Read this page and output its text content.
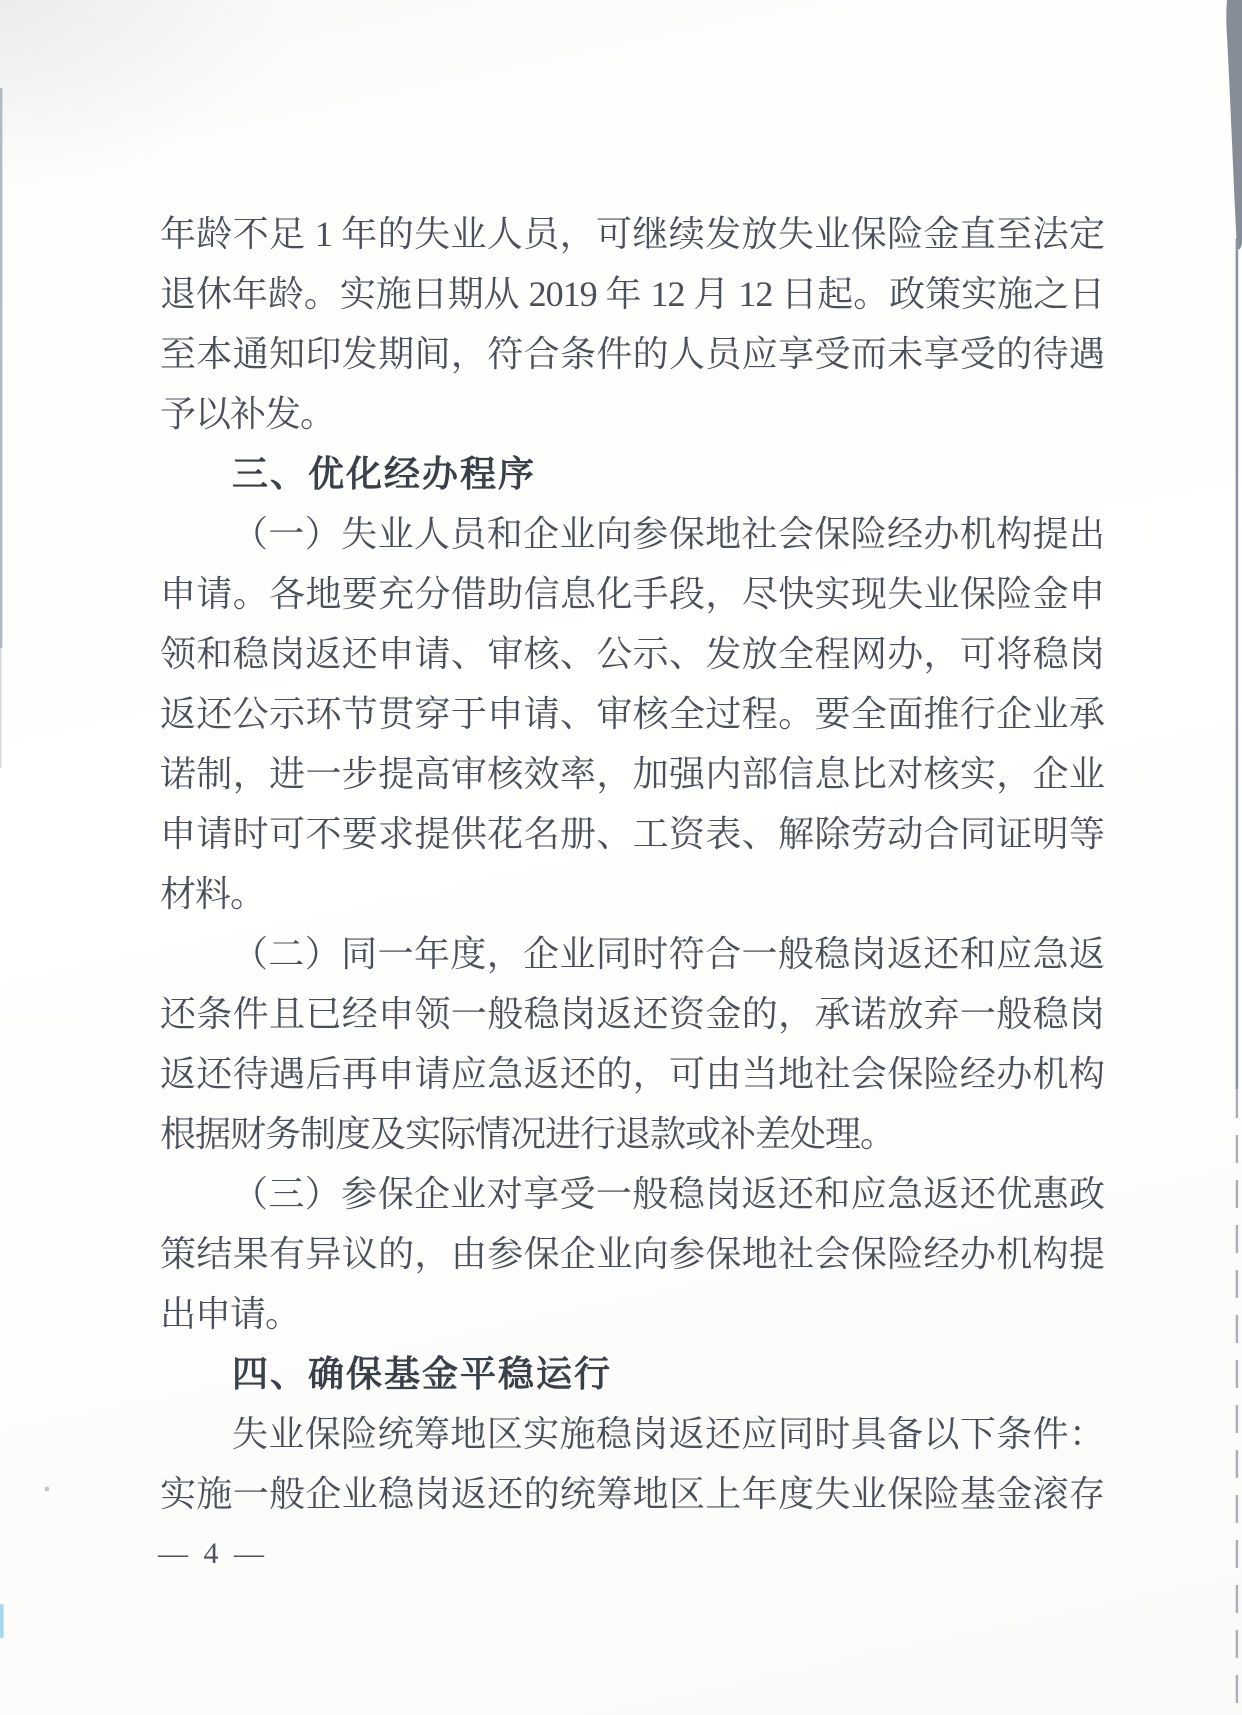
年龄不足 1 年的失业人员，可继续发放失业保险金直至法定
退休年龄。实施日期从 2019 年 12 月 12 日起。政策实施之日
至本通知印发期间，符合条件的人员应享受而未享受的待遇
予以补发。
三、优化经办程序
（一）失业人员和企业向参保地社会保险经办机构提出
申请。各地要充分借助信息化手段，尽快实现失业保险金申
领和稳岗返还申请、审核、公示、发放全程网办，可将稳岗
返还公示环节贯穿于申请、审核全过程。要全面推行企业承
诺制，进一步提高审核效率，加强内部信息比对核实，企业
申请时可不要求提供花名册、工资表、解除劳动合同证明等
材料。
（二）同一年度，企业同时符合一般稳岗返还和应急返
还条件且已经申领一般稳岗返还资金的，承诺放弃一般稳岗
返还待遇后再申请应急返还的，可由当地社会保险经办机构
根据财务制度及实际情况进行退款或补差处理。
（三）参保企业对享受一般稳岗返还和应急返还优惠政
策结果有异议的，由参保企业向参保地社会保险经办机构提
出申请。
四、确保基金平稳运行
失业保险统筹地区实施稳岗返还应同时具备以下条件：
实施一般企业稳岗返还的统筹地区上年度失业保险基金滚存
— 4 —
